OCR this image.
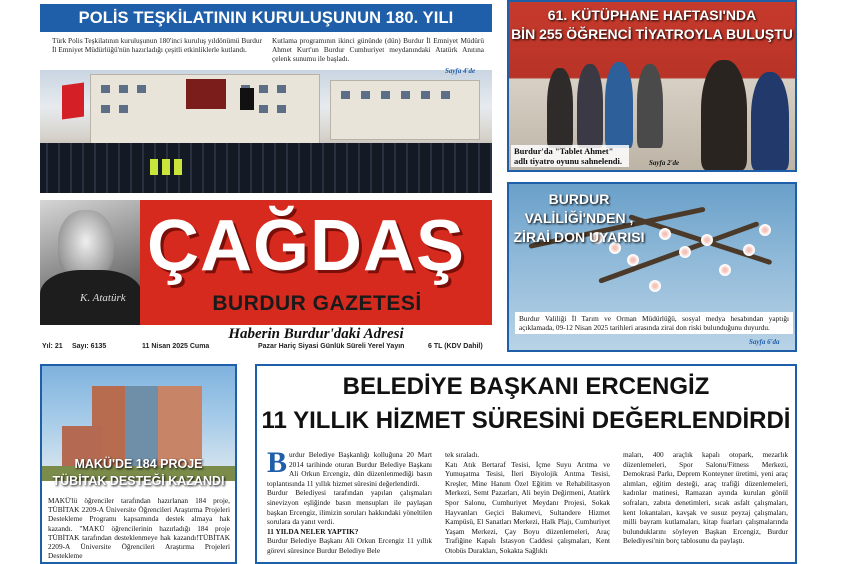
POLİS TEŞKİLATININ KURULUŞUNUN 180. YILI KUTLANDI
Türk Polis Teşkilatının kuruluşunun 180'inci kuruluş yıldönümü Burdur İl Emniyet Müdürlüğü'nün hazırladığı çeşitli etkinliklerle kutlandı.
Kutlama programının ikinci gününde (dün) Burdur İl Emniyet Müdürü Ahmet Kurt'un Burdur Cumhuriyet meydanındaki Atatürk Anıtına çelenk sunumu ile başladı.
Sayfa 4'de
K. Atatürk
ÇAĞDAŞ
BURDUR GAZETESİ
Haberin Burdur'daki Adresi
Yıl: 21 Sayı: 6135	11 Nisan 2025 Cuma	Pazar Hariç Siyasi Günlük Süreli Yerel Yayın	6 TL (KDV Dahil)
61. KÜTÜPHANE HAFTASI'NDA
BİN 255 ÖĞRENCİ TİYATROYLA BULUŞTU
Burdur'da "Tablet Ahmet" adlı tiyatro oyunu sahnelendi.	Sayfa 2'de
BURDUR VALİLİĞİ'NDEN ,
ZİRAİ DON UYARISI
Burdur Valiliği İl Tarım ve Orman Müdürlüğü, sosyal medya hesabından yaptığı açıklamada, 09-12 Nisan 2025 tarihleri arasında zirai don riski bulunduğunu duyurdu.
Sayfa 6'da
MAKÜ'DE 184 PROJE
TÜBİTAK DESTEĞİ KAZANDI
MAKÜ'lü öğrenciler tarafından hazırlanan 184 proje, TÜBİTAK 2209-A Üniversite Öğrencileri Araştırma Projeleri Destekleme Programı kapsamında destek almaya hak kazandı. "MAKÜ öğrencilerinin hazırladığı 184 proje TÜBİTAK tarafından desteklenmeye hak kazandı!TÜBİTAK 2209-A Üniversite Öğrencileri Araştırma Projeleri Destekleme
BELEDİYE BAŞKANI ERCENGİZ
11 YILLIK HİZMET SÜRESİNİ DEĞERLENDİRDİ

Burdur Belediye Başkanlığı kolluğuna 20 Mart 2014 tarihinde oturan Burdur Belediye Başkanı Ali Orkun Ercengiz, dün düzenlenmediği basın toplantısında 11 yıllık hizmet süresini değerlendirdi.

Burdur Belediyesi tarafından yapılan çalışmaları sinevizyon eşliğinde basın mensupları ile paylaşan başkan Ercengiz, ilimizin soruları hakkındaki yöneltilen sorulara da yanıt verdi.

11 YILDA NELER YAPTIK?

Burdur Belediye Başkanı Ali Orkun Ercengiz 11 yıllık görevi süresince Burdur Belediye Bele

tek sıraladı.

Katı Atık Bertaraf Tesisi, İçme Suyu Arıtma ve Yumuşatma Tesisi, İleri Biyolojik Arıtma Tesisi, Kreşler, Mine Hanım Özel Eğitim ve Rehabilitasyon Merkezi, Semt Pazarları, Ali beyin Değirmeni, Atatürk Spor Salonu, Cumhuriyet Meydanı Projesi, Sokak Hayvanları Geçici Bakımevi, Sultandere Hizmet Kampüsü, El Sanatları Merkezi, Halk Plajı, Cumhuriyet Yaşam Merkezi, Çay Boyu düzenlemeleri, Araç Trafiğine Kapalı İstasyon Caddesi çalışmaları, Kent Otobüs Durakları, Sokakta Sağlıklı

maları, 400 araçlık kapalı otopark, mezarlık düzenlemeleri, Spor Salonu/Fitness Merkezi, Demokrasi Parkı, Deprem Konteyner üretimi, yeni araç alımları, eğitim desteği, araç trafiği düzenlemeleri, kadınlar matinesi, Ramazan ayında kurulan gönül sofraları, zabıta denetimleri, sıcak asfalt çalışmaları, kent lokantaları, kavşak ve susuz peyzaj çalışmaları, milli bayram kutlamaları, kitap fuarları çalışmalarında bulunduklarını söyleyen Başkan Ercengiz, Burdur Belediyesi'nin borç tablosunu da paylaştı.
